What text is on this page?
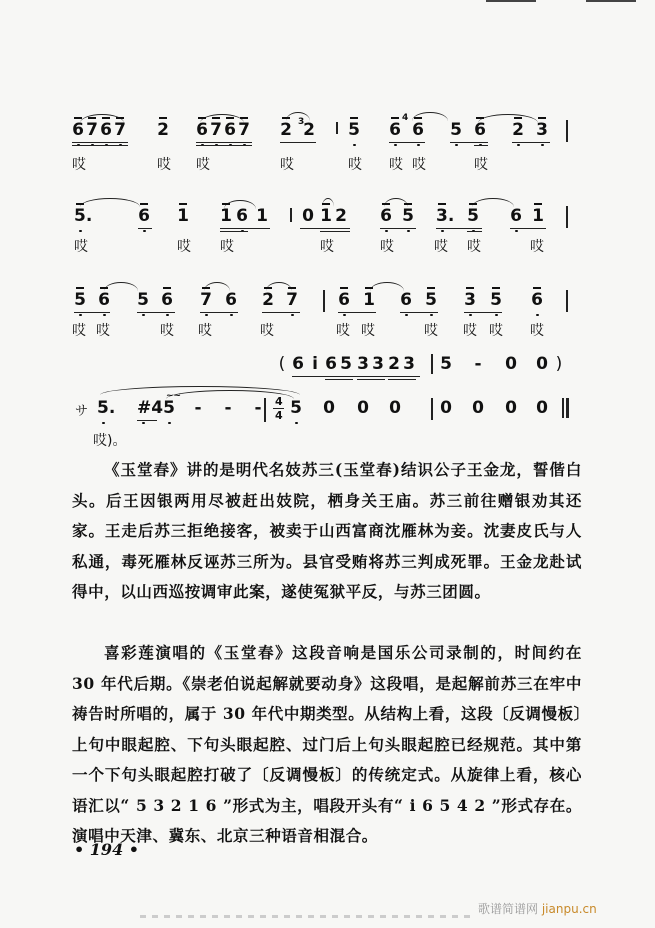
6 7 6 7 2 6 7 6 7	3
2 2 5
4
6 6 5 6 2 3
哎	哎 哎	哎	哎 哎 哎	哎
5.	6 1 1 6 1 0 1 2 6 5 3. 5 6 1
哎	哎 哎	哎	哎	哎 哎	哎
5 6 5 6 7 6 2 7 6 1 6 5 3 5 6
哎 哎	哎 哎	哎	哎 哎	哎 哎 哎 哎
( 6 i 6 5 3 3 2 3 5 - 0 0 )
サ 5. #4
~~
5 - - - 4
4 5 0 0 0 0 0 0 0
哎)。
《玉堂春》讲的是明代名妓苏三(玉堂春)结识公子王金龙，誓偕白头。后王因银两用尽被赶出妓院，栖身关王庙。苏三前往赠银劝其还家。王走后苏三拒绝接客，被卖于山西富商沈雁林为妾。沈妻皮氏与人私通，毒死雁林反诬苏三所为。县官受贿将苏三判成死罪。王金龙赴试得中，以山西巡按调审此案，遂使冤狱平反，与苏三团圆。
喜彩莲演唱的《玉堂春》这段音响是国乐公司录制的，时间约在 30 年代后期。《崇老伯说起解就要动身》这段唱，是起解前苏三在牢中祷告时所唱的，属于 30 年代中期类型。从结构上看，这段〔反调慢板〕上句中眼起腔、下句头眼起腔、过门后上句头眼起腔已经规范。其中第一个下句头眼起腔打破了〔反调慢板〕的传统定式。从旋律上看，核心语汇以“ 5 3 2 1 6 ”形式为主，唱段开头有“ i 6 5 4 2 ”形式存在。演唱中天津、冀东、北京三种语音相混合。
• 194 •
歌谱简谱网 jianpu.cn
